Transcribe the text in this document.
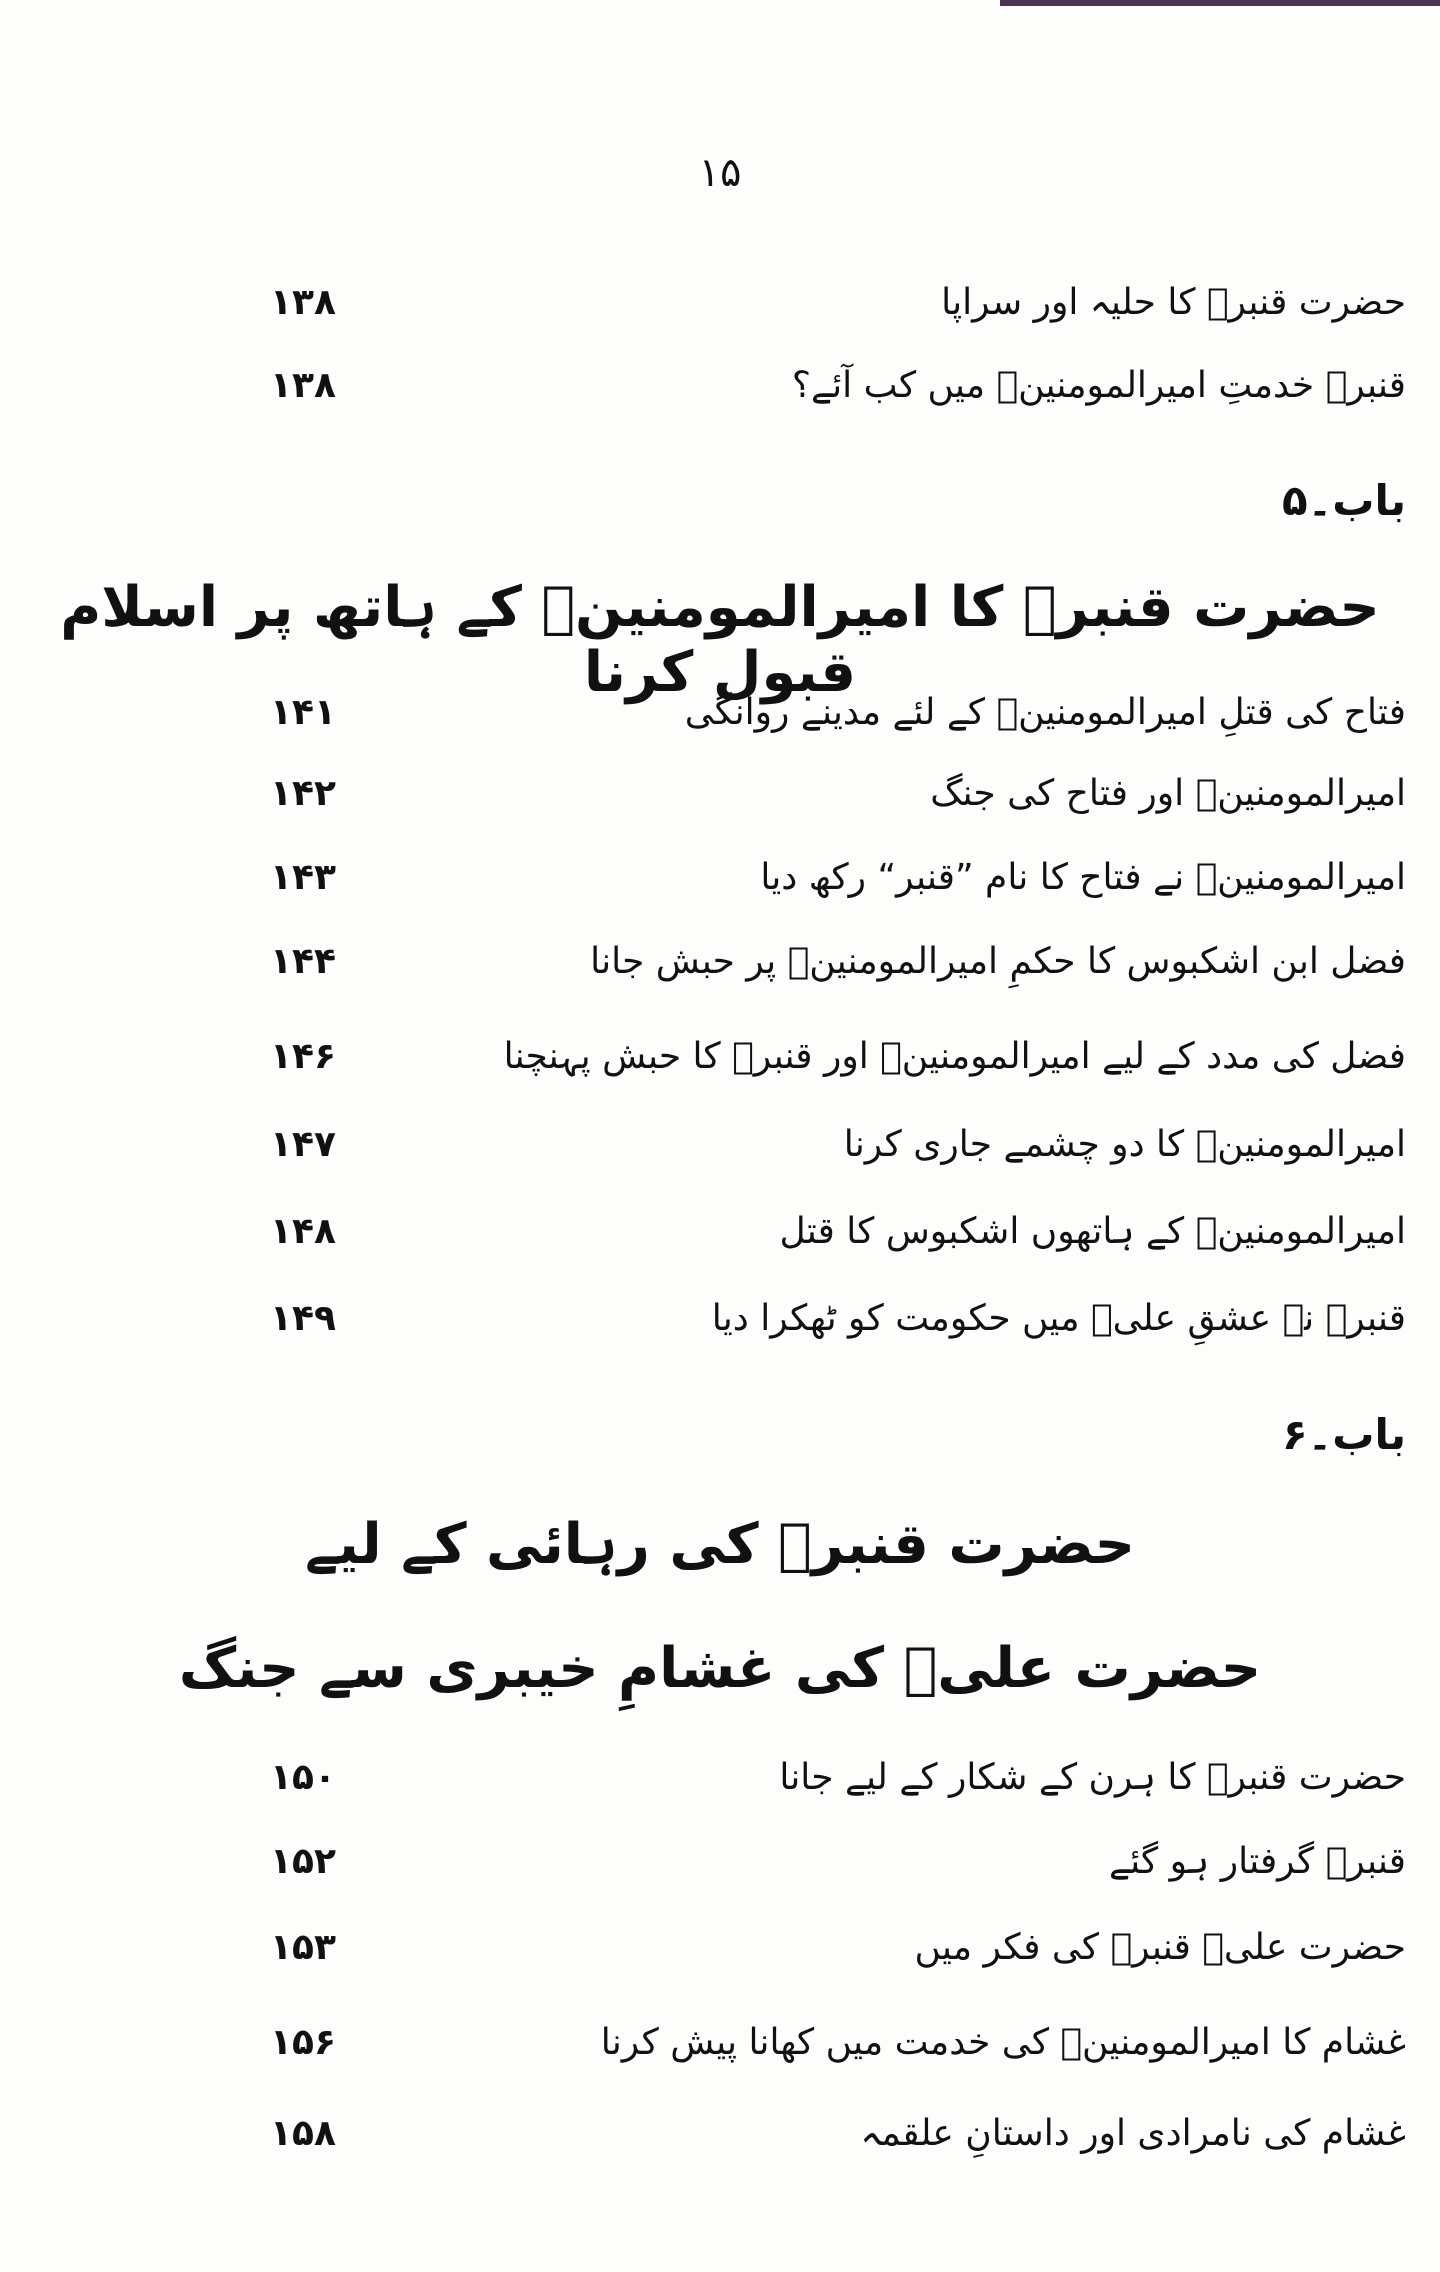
۱۵
حضرت قنبرؑ کا حلیہ اور سراپا
۱۳۸
قنبرؑ خدمتِ امیرالمومنینؑ میں کب آئے؟
۱۳۸
باب۔۵
حضرت قنبرؑ کا امیرالمومنینؑ کے ہاتھ پر اسلام قبول کرنا
فتاح کی قتلِ امیرالمومنینؑ کے لئے مدینے روانگی
۱۴۱
امیرالمومنینؑ اور فتاح کی جنگ
۱۴۲
امیرالمومنینؑ نے فتاح کا نام ”قنبر“ رکھ دیا
۱۴۳
فضل ابن اشکبوس کا حکمِ امیرالمومنینؑ پر حبش جانا
۱۴۴
فضل کی مدد کے لیے امیرالمومنینؑ اور قنبرؑ کا حبش پہنچنا
۱۴۶
امیرالمومنینؑ کا دو چشمے جاری کرنا
۱۴۷
امیرالمومنینؑ کے ہاتھوں اشکبوس کا قتل
۱۴۸
قنبرؑ نے عشقِ علیؑ میں حکومت کو ٹھکرا دیا
۱۴۹
باب۔۶
حضرت قنبرؑ کی رہائی کے لیے
حضرت علیؑ کی غشامِ خیبری سے جنگ
حضرت قنبرؑ کا ہرن کے شکار کے لیے جانا
۱۵۰
قنبرؑ گرفتار ہو گئے
۱۵۲
حضرت علیؑ قنبرؑ کی فکر میں
۱۵۳
غشام کا امیرالمومنینؑ کی خدمت میں کھانا پیش کرنا
۱۵۶
غشام کی نامرادی اور داستانِ علقمہ
۱۵۸
